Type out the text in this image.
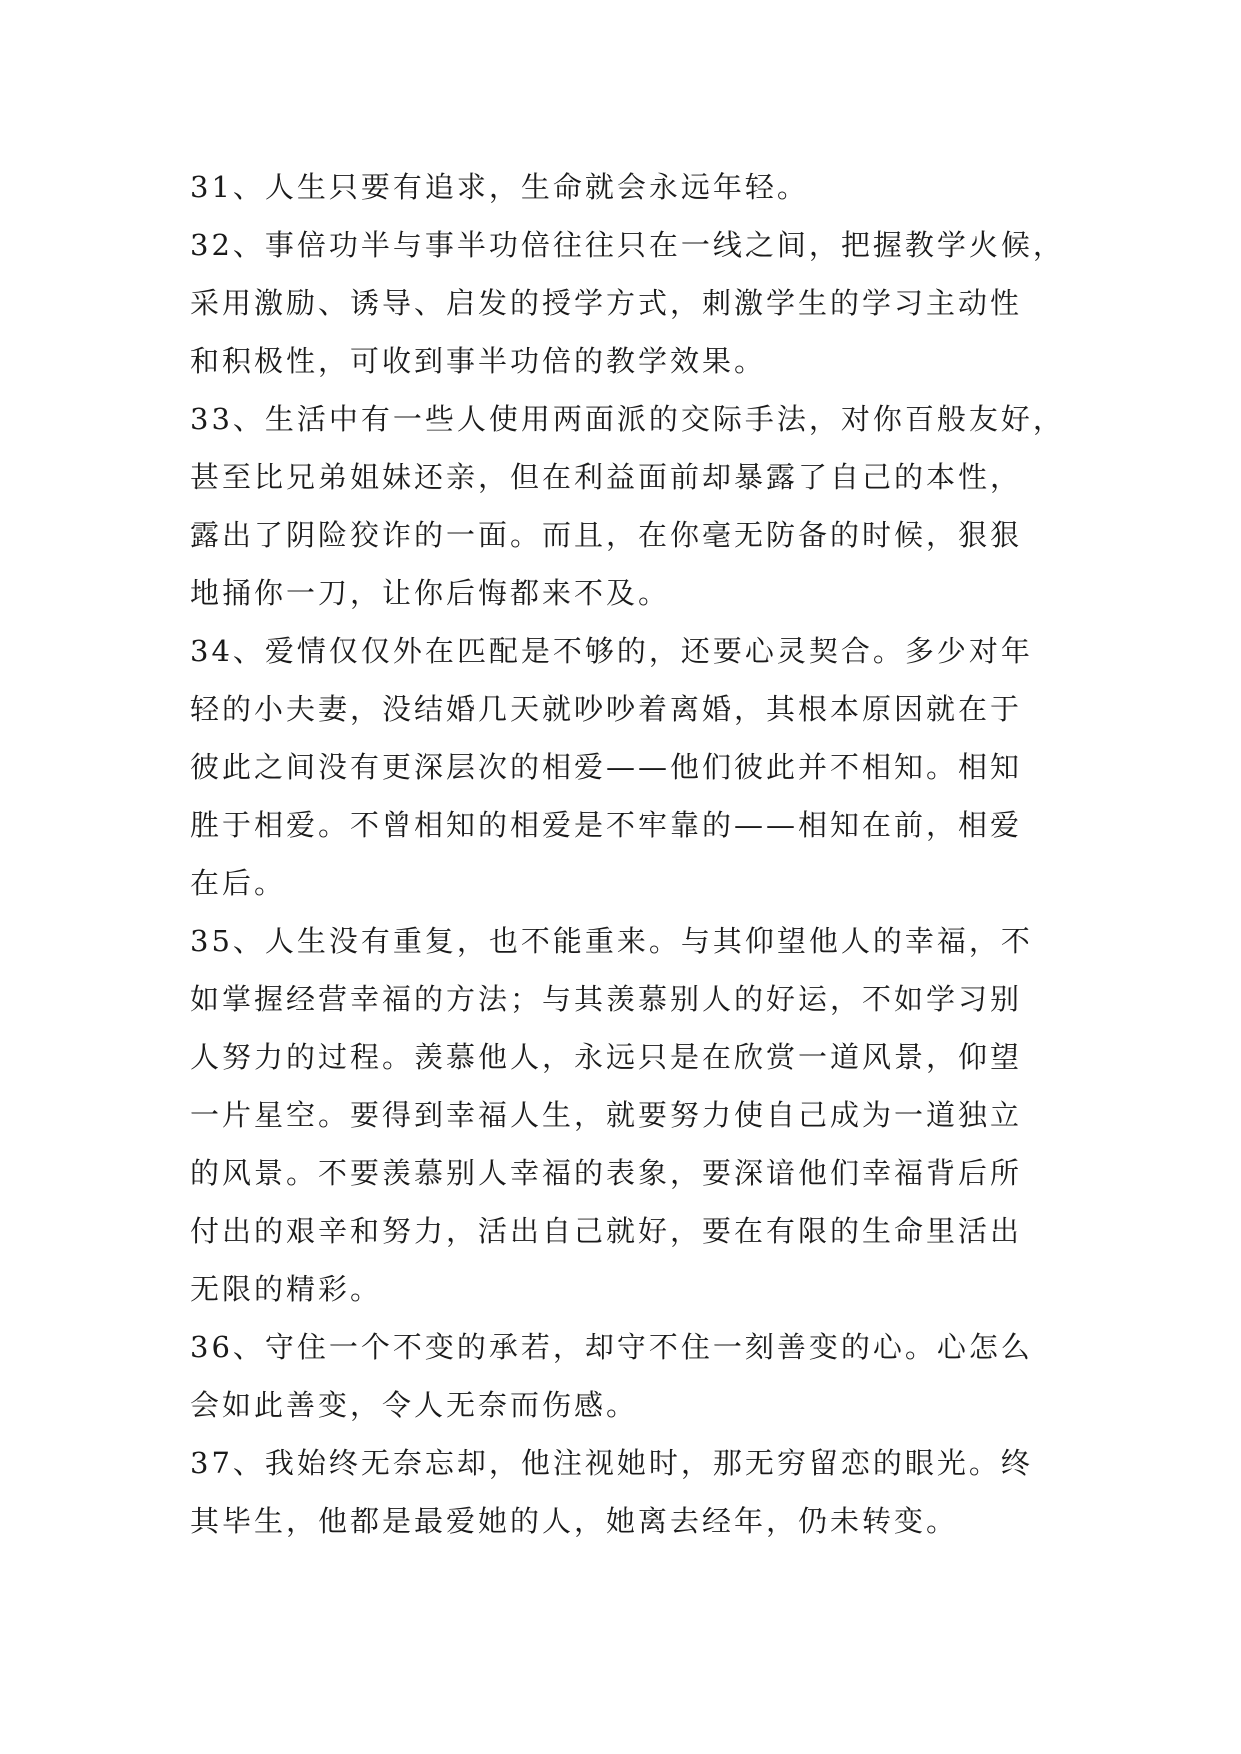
31、人生只要有追求，生命就会永远年轻。
32、事倍功半与事半功倍往往只在一线之间，把握教学火候，
采用激励、诱导、启发的授学方式，刺激学生的学习主动性
和积极性，可收到事半功倍的教学效果。
33、生活中有一些人使用两面派的交际手法，对你百般友好，
甚至比兄弟姐妹还亲，但在利益面前却暴露了自己的本性，
露出了阴险狡诈的一面。而且，在你毫无防备的时候，狠狠
地捅你一刀，让你后悔都来不及。
34、爱情仅仅外在匹配是不够的，还要心灵契合。多少对年
轻的小夫妻，没结婚几天就吵吵着离婚，其根本原因就在于
彼此之间没有更深层次的相爱——他们彼此并不相知。相知
胜于相爱。不曾相知的相爱是不牢靠的——相知在前，相爱
在后。
35、人生没有重复，也不能重来。与其仰望他人的幸福，不
如掌握经营幸福的方法；与其羡慕别人的好运，不如学习别
人努力的过程。羡慕他人，永远只是在欣赏一道风景，仰望
一片星空。要得到幸福人生，就要努力使自己成为一道独立
的风景。不要羡慕别人幸福的表象，要深谙他们幸福背后所
付出的艰辛和努力，活出自己就好，要在有限的生命里活出
无限的精彩。
36、守住一个不变的承若，却守不住一刻善变的心。心怎么
会如此善变，令人无奈而伤感。
37、我始终无奈忘却，他注视她时，那无穷留恋的眼光。终
其毕生，他都是最爱她的人，她离去经年，仍未转变。
